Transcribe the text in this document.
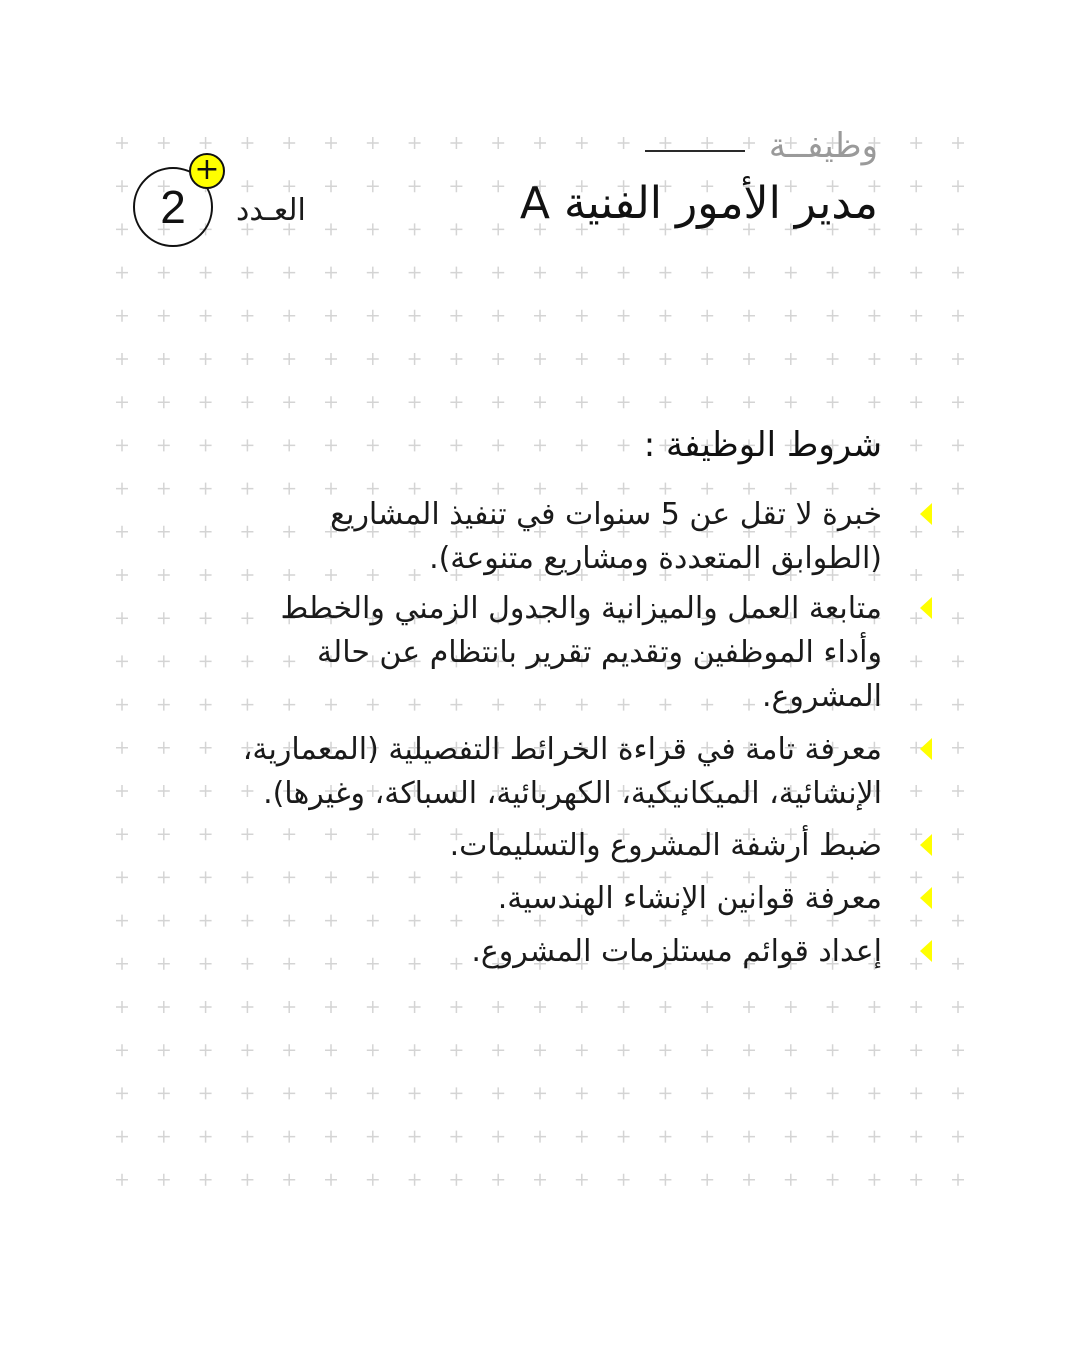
وظيفــة
مدير الأمور الفنية A
العـدد
2
+
شروط الوظيفة :
خبرة لا تقل عن 5 سنوات في تنفيذ المشاريع
(الطوابق المتعددة ومشاريع متنوعة).
متابعة العمل والميزانية والجدول الزمني والخطط
وأداء الموظفين وتقديم تقرير بانتظام عن حالة
المشروع.
معرفة تامة في قراءة الخرائط التفصيلية (المعمارية،
الإنشائية، الميكانيكية، الكهربائية، السباكة، وغيرها).
ضبط أرشفة المشروع والتسليمات.
معرفة قوانين الإنشاء الهندسية.
إعداد قوائم مستلزمات المشروع.
